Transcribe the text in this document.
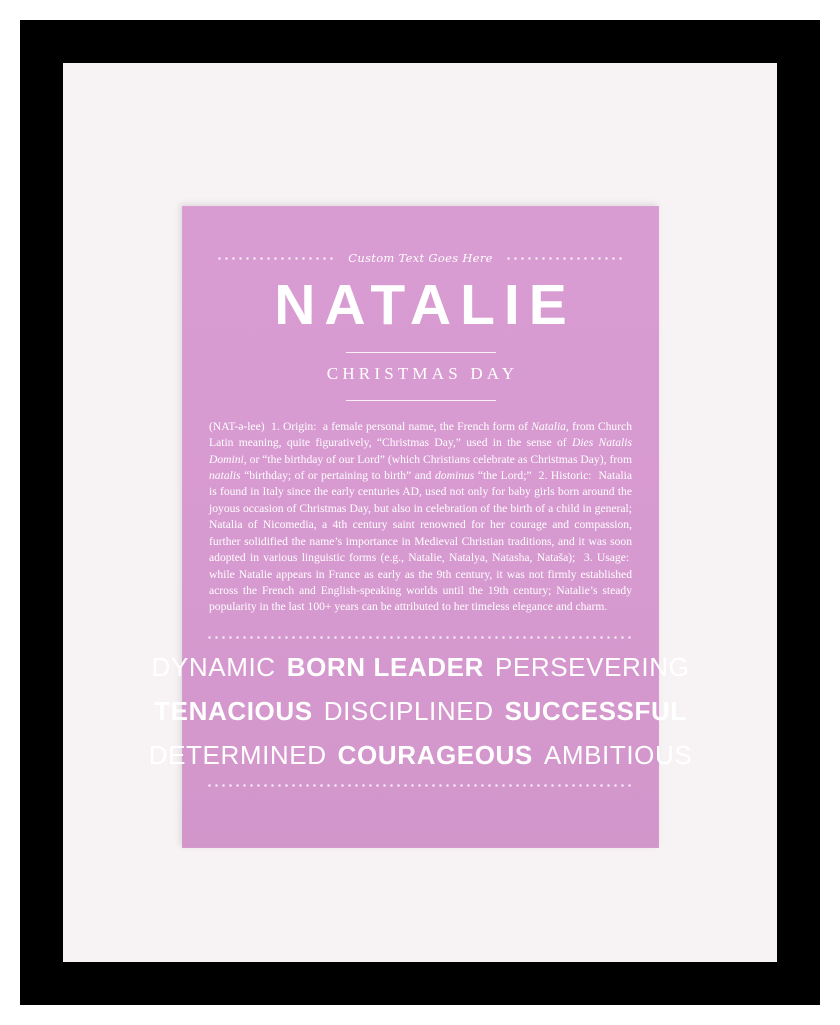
Custom Text Goes Here
NATALIE
CHRISTMAS DAY
(NAT-ə-lee)  1. Origin:  a female personal name, the French form of Natalia, from Church Latin meaning, quite figuratively, “Christmas Day,” used in the sense of Dies Natalis Domini, or “the birthday of our Lord” (which Christians celebrate as Christmas Day), from natalis “birthday; of or pertaining to birth” and dominus “the Lord;”  2. Historic:  Natalia is found in Italy since the early centuries AD, used not only for baby girls born around the joyous occasion of Christmas Day, but also in celebration of the birth of a child in general; Natalia of Nicomedia, a 4th century saint renowned for her courage and compassion, further solidified the name’s importance in Medieval Christian traditions, and it was soon adopted in various linguistic forms (e.g., Natalie, Natalya, Natasha, Nataša);  3. Usage:  while Natalie appears in France as early as the 9th century, it was not firmly established across the French and English-speaking worlds until the 19th century; Natalie’s steady popularity in the last 100+ years can be attributed to her timeless elegance and charm.
DYNAMIC BORN LEADER PERSEVERING
TENACIOUS DISCIPLINED SUCCESSFUL
DETERMINED COURAGEOUS AMBITIOUS
